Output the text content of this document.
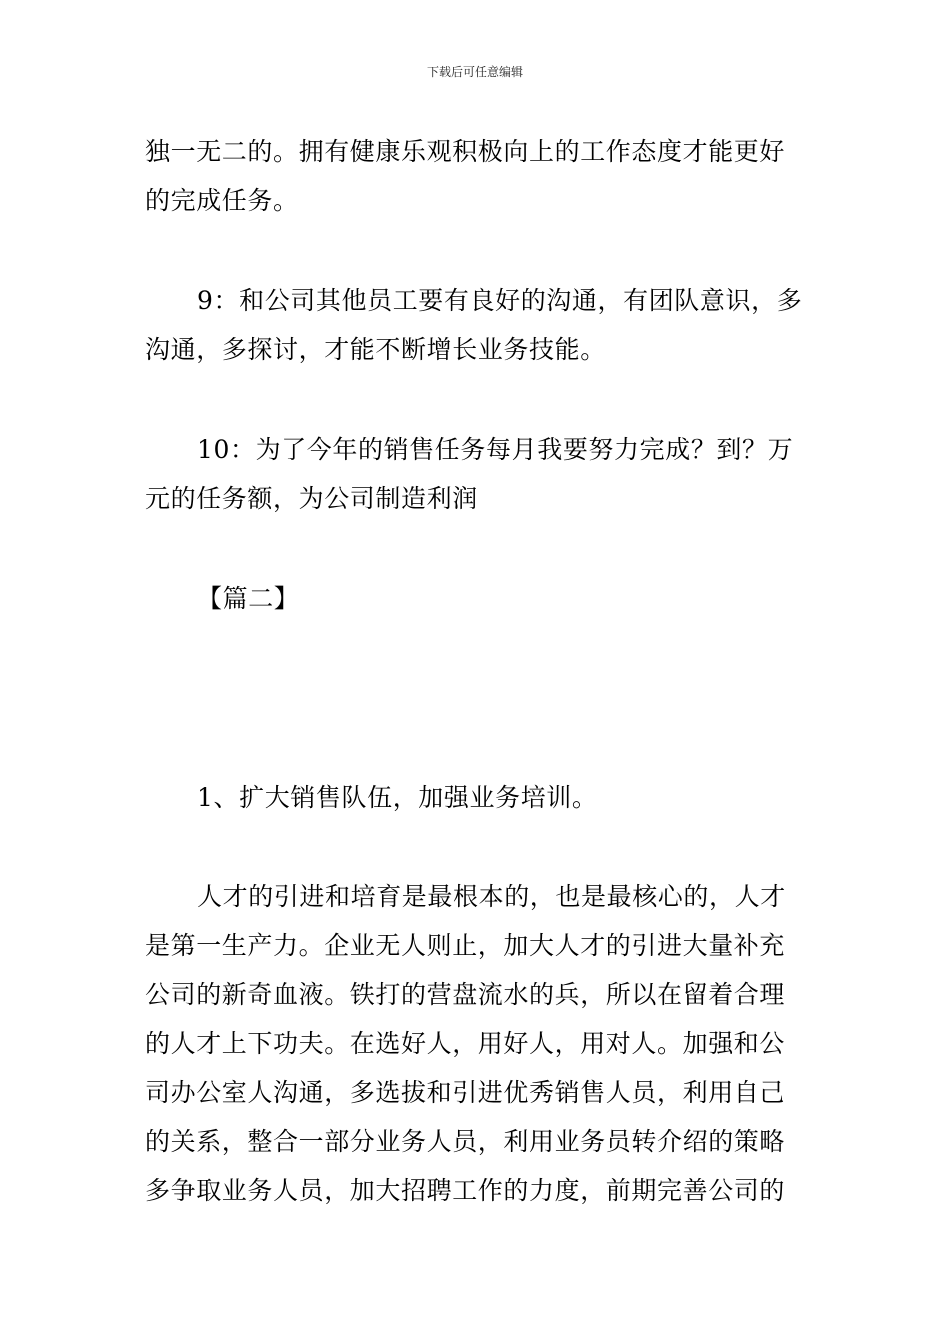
下载后可任意编辑
独一无二的。拥有健康乐观积极向上的工作态度才能更好
的完成任务。
9：和公司其他员工要有良好的沟通，有团队意识，多
沟通，多探讨，才能不断增长业务技能。
10：为了今年的销售任务每月我要努力完成？到？万
元的任务额，为公司制造利润
【篇二】
1、扩大销售队伍，加强业务培训。
人才的引进和培育是最根本的，也是最核心的，人才
是第一生产力。企业无人则止，加大人才的引进大量补充
公司的新奇血液。铁打的营盘流水的兵，所以在留着合理
的人才上下功夫。在选好人，用好人，用对人。加强和公
司办公室人沟通，多选拔和引进优秀销售人员，利用自己
的关系，整合一部分业务人员，利用业务员转介绍的策略
多争取业务人员，加大招聘工作的力度，前期完善公司的
